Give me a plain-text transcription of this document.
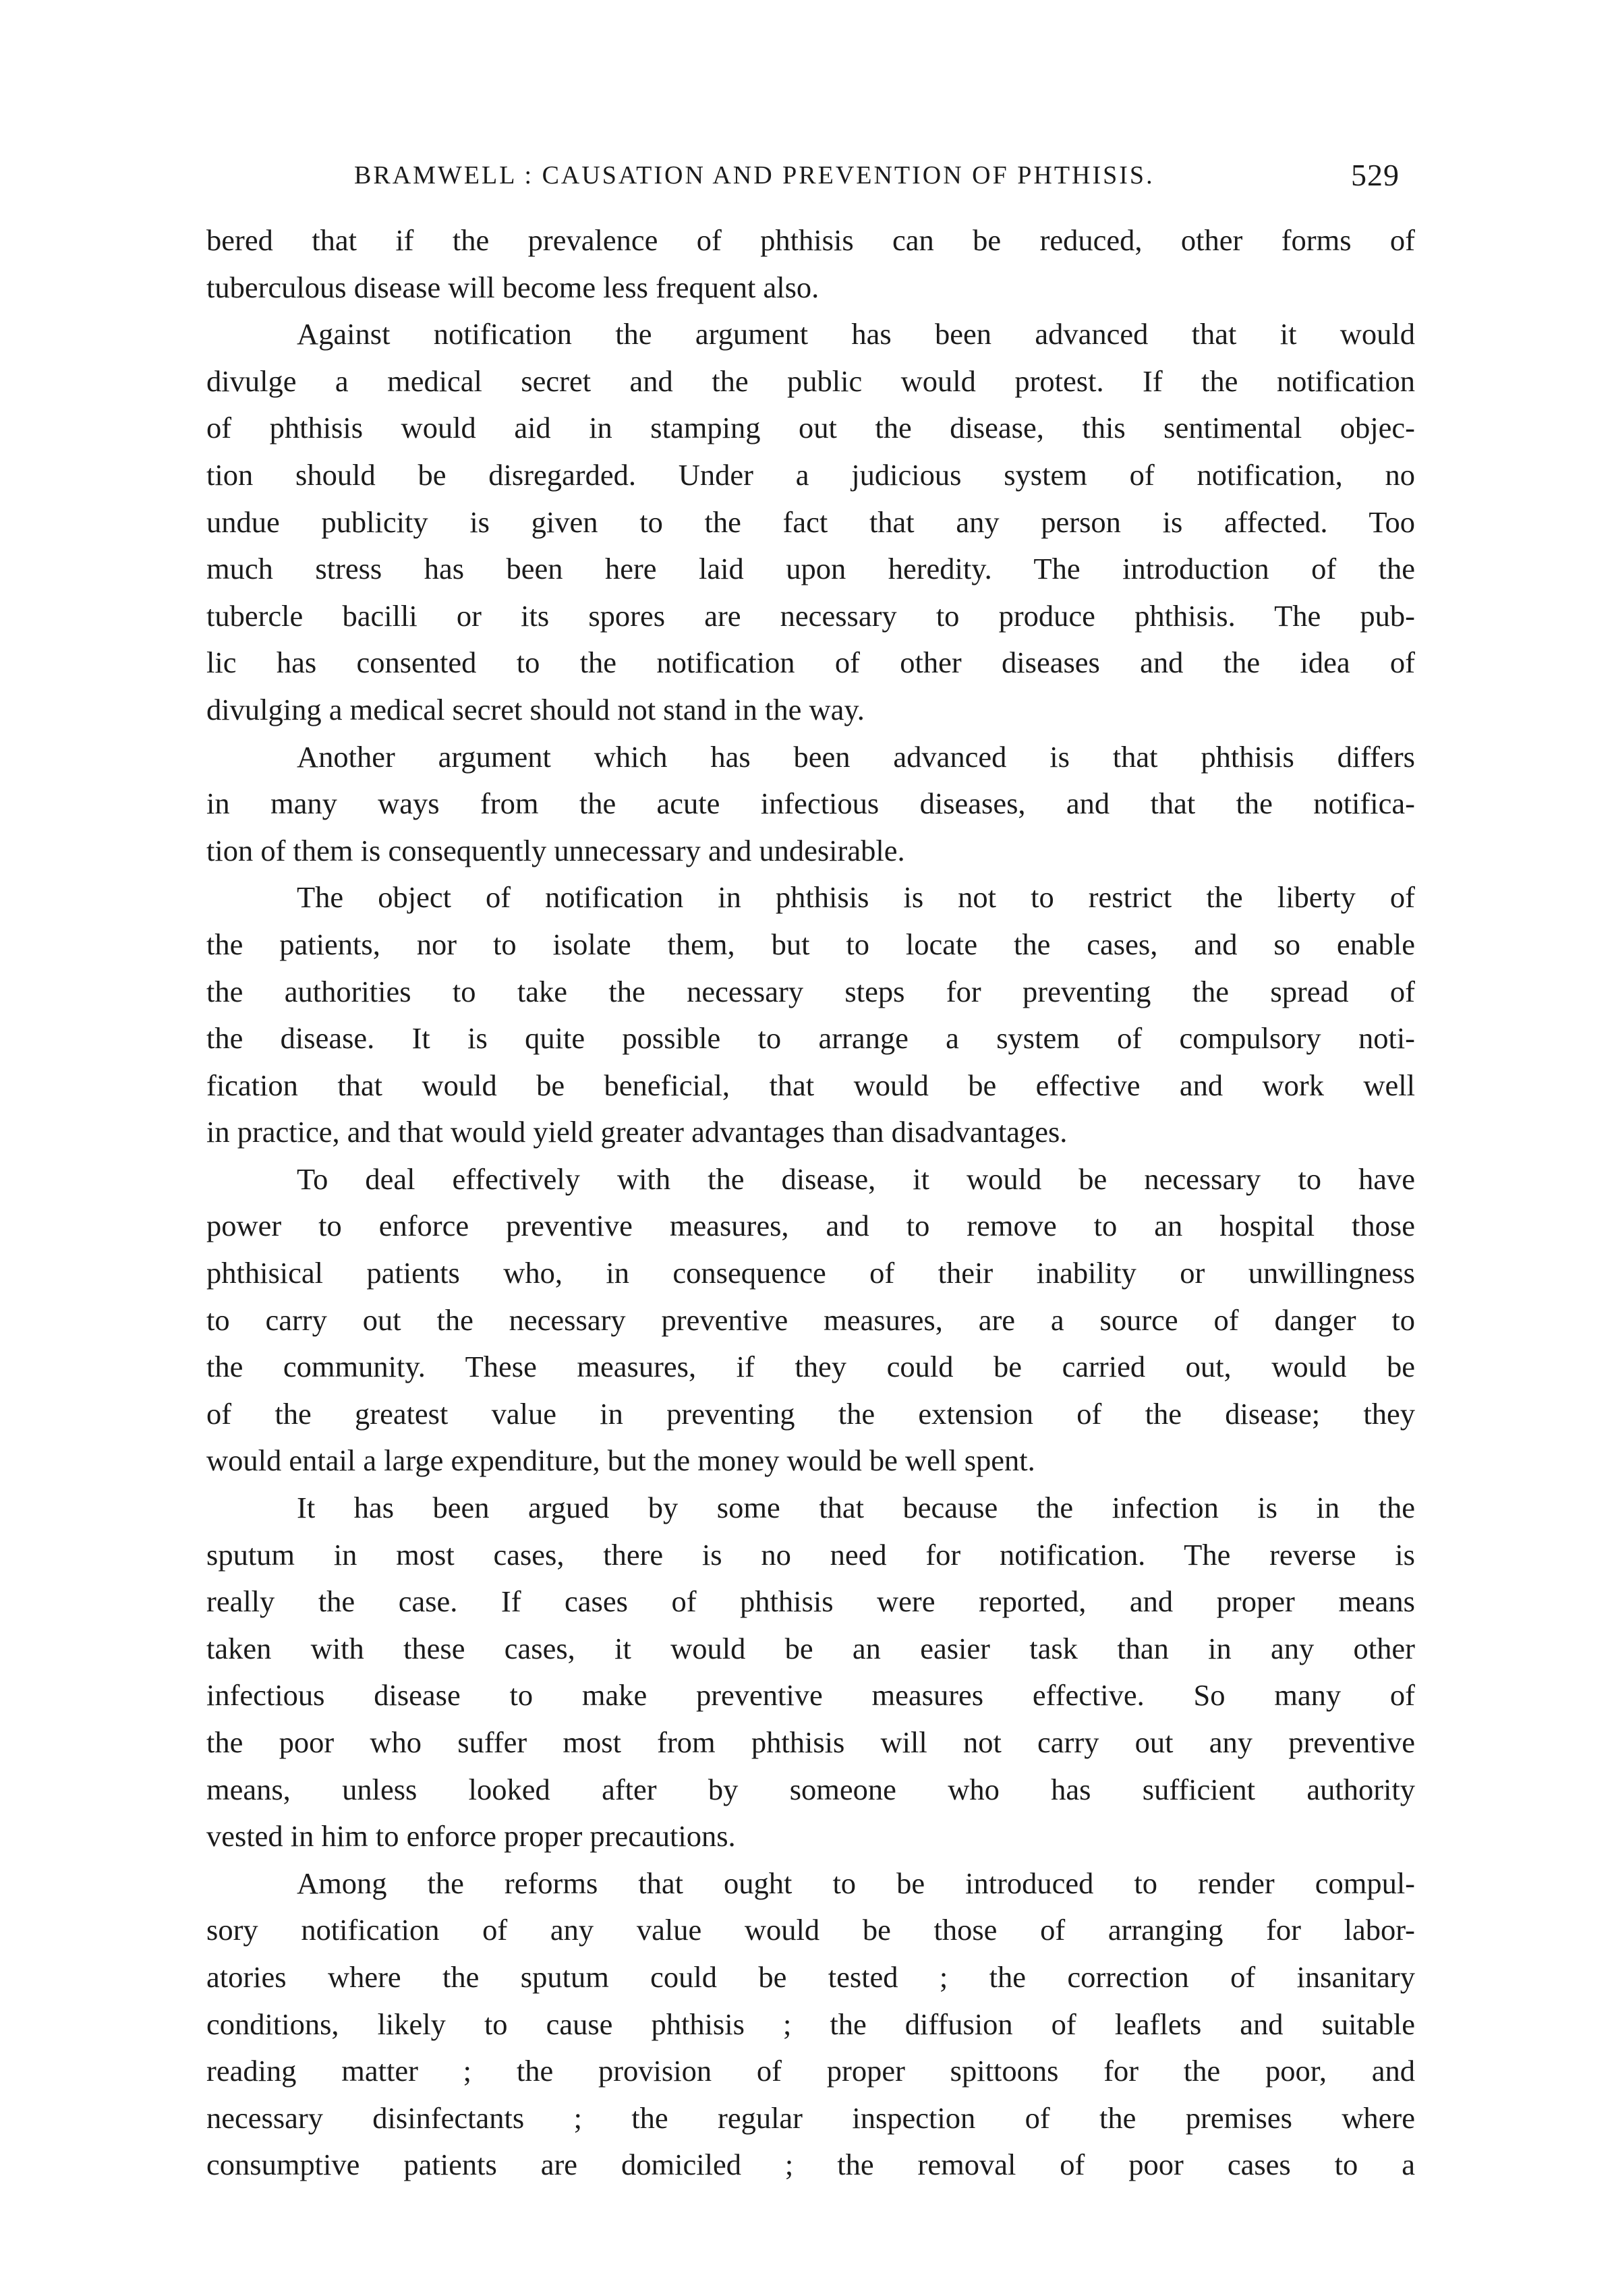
BRAMWELL : CAUSATION AND PREVENTION OF PHTHISIS.	529

bered that if the prevalence of phthisis can be reduced, other forms of

tuberculous disease will become less frequent also.

Against notification the argument has been advanced that it would

divulge a medical secret and the public would protest. If the notification

of phthisis would aid in stamping out the disease, this sentimental objec-

tion should be disregarded. Under a judicious system of notification, no

undue publicity is given to the fact that any person is affected. Too

much stress has been here laid upon heredity. The introduction of the

tubercle bacilli or its spores are necessary to produce phthisis. The pub-

lic has consented to the notification of other diseases and the idea of

divulging a medical secret should not stand in the way.

Another argument which has been advanced is that phthisis differs

in many ways from the acute infectious diseases, and that the notifica-

tion of them is consequently unnecessary and undesirable.

The object of notification in phthisis is not to restrict the liberty of

the patients, nor to isolate them, but to locate the cases, and so enable

the authorities to take the necessary steps for preventing the spread of

the disease. It is quite possible to arrange a system of compulsory noti-

fication that would be beneficial, that would be effective and work well

in practice, and that would yield greater advantages than disadvantages.

To deal effectively with the disease, it would be necessary to have

power to enforce preventive measures, and to remove to an hospital those

phthisical patients who, in consequence of their inability or unwillingness

to carry out the necessary preventive measures, are a source of danger to

the community. These measures, if they could be carried out, would be

of the greatest value in preventing the extension of the disease; they

would entail a large expenditure, but the money would be well spent.

It has been argued by some that because the infection is in the

sputum in most cases, there is no need for notification. The reverse is

really the case. If cases of phthisis were reported, and proper means

taken with these cases, it would be an easier task than in any other

infectious disease to make preventive measures effective. So many of

the poor who suffer most from phthisis will not carry out any preventive

means, unless looked after by someone who has sufficient authority

vested in him to enforce proper precautions.

Among the reforms that ought to be introduced to render compul-

sory notification of any value would be those of arranging for labor-

atories where the sputum could be tested ; the correction of insanitary

conditions, likely to cause phthisis ; the diffusion of leaflets and suitable

reading matter ; the provision of proper spittoons for the poor, and

necessary disinfectants ; the regular inspection of the premises where

consumptive patients are domiciled ; the removal of poor cases to a
